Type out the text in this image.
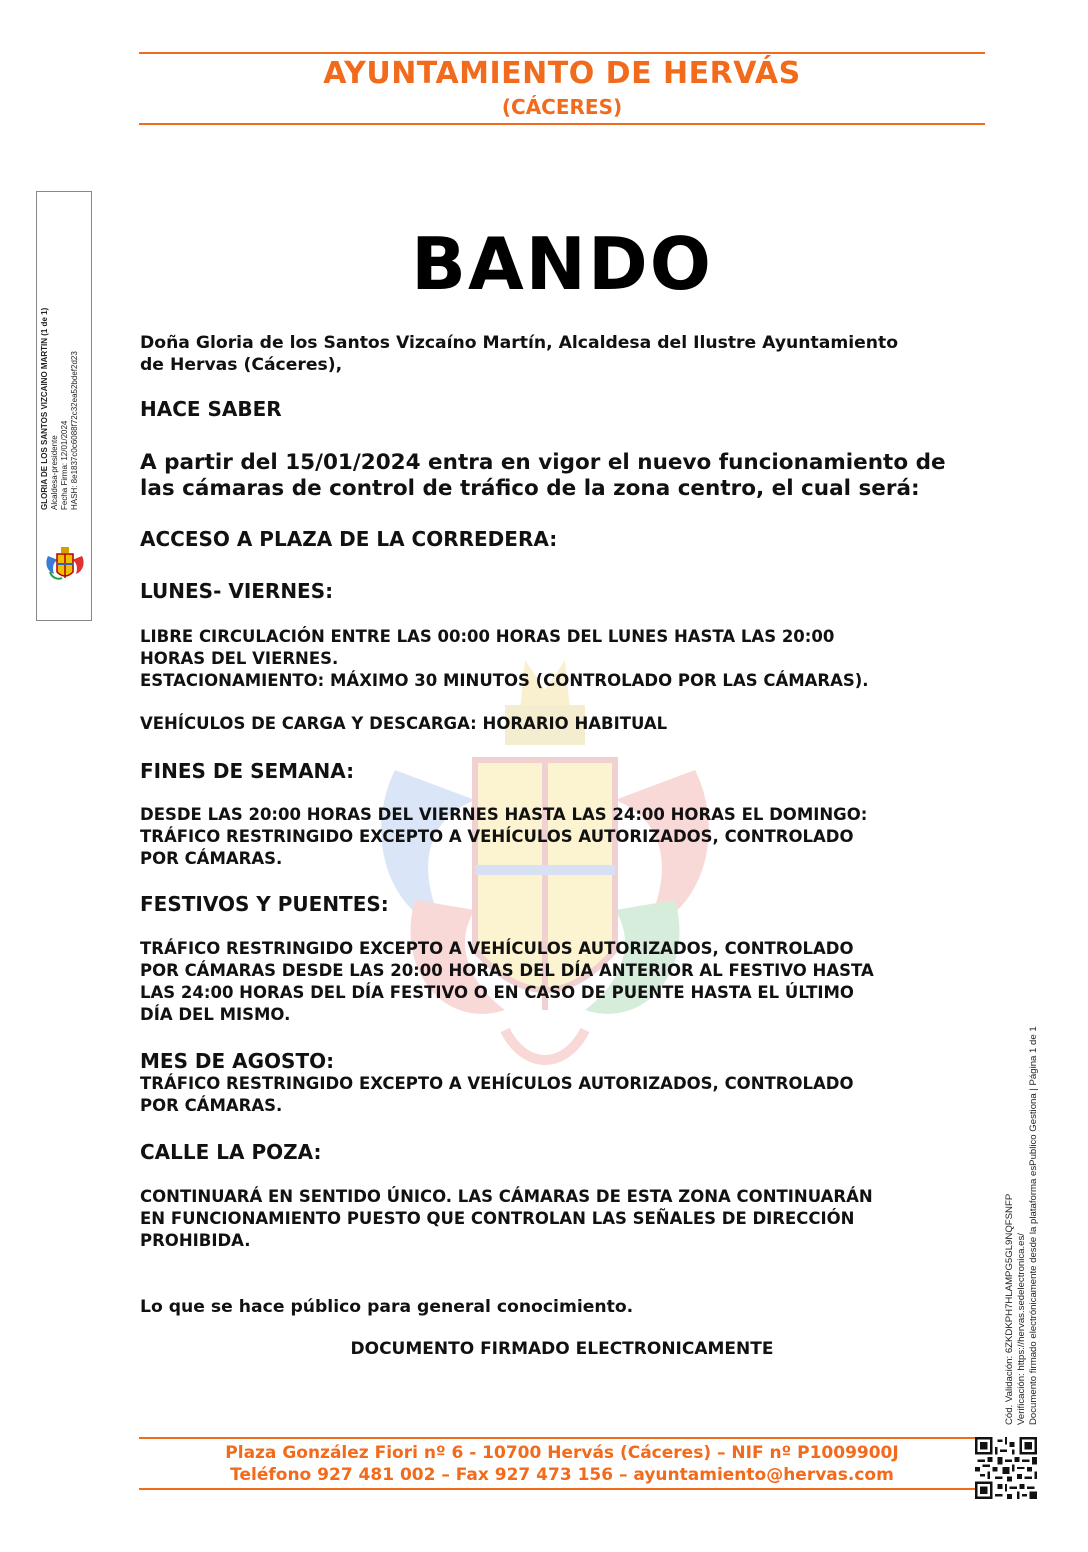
AYUNTAMIENTO DE HERVÁS
(CÁCERES)
BANDO
Doña Gloria de los Santos Vizcaíno Martín, Alcaldesa del Ilustre Ayuntamiento
de Hervas (Cáceres),
HACE SABER
A partir del 15/01/2024 entra en vigor el nuevo funcionamiento de
las cámaras de control de tráfico de la zona centro, el cual será:
ACCESO A PLAZA DE LA CORREDERA:
LUNES- VIERNES:
LIBRE CIRCULACIÓN ENTRE LAS 00:00 HORAS DEL LUNES HASTA LAS 20:00
HORAS DEL VIERNES.
ESTACIONAMIENTO: MÁXIMO 30 MINUTOS (CONTROLADO POR LAS CÁMARAS).
VEHÍCULOS DE CARGA Y DESCARGA: HORARIO HABITUAL
FINES DE SEMANA:
DESDE LAS 20:00 HORAS DEL VIERNES HASTA LAS 24:00 HORAS EL DOMINGO:
TRÁFICO RESTRINGIDO EXCEPTO A VEHÍCULOS AUTORIZADOS, CONTROLADO
POR CÁMARAS.
FESTIVOS Y PUENTES:
TRÁFICO RESTRINGIDO EXCEPTO A VEHÍCULOS AUTORIZADOS, CONTROLADO
POR CÁMARAS DESDE LAS 20:00 HORAS DEL DÍA ANTERIOR AL FESTIVO HASTA
LAS 24:00 HORAS DEL DÍA FESTIVO O EN CASO DE PUENTE HASTA EL ÚLTIMO
DÍA DEL MISMO.
MES DE AGOSTO:
TRÁFICO RESTRINGIDO EXCEPTO A VEHÍCULOS AUTORIZADOS, CONTROLADO
POR CÁMARAS.
CALLE LA POZA:
CONTINUARÁ EN SENTIDO ÚNICO. LAS CÁMARAS DE ESTA ZONA CONTINUARÁN
EN FUNCIONAMIENTO PUESTO QUE CONTROLAN LAS SEÑALES DE DIRECCIÓN
PROHIBIDA.
Lo que se hace público para general conocimiento.
DOCUMENTO FIRMADO ELECTRONICAMENTE
Plaza González Fiori nº 6 - 10700 Hervás (Cáceres) – NIF nº P1009900J
Teléfono 927 481 002 – Fax 927 473 156 – ayuntamiento@hervas.com
GLORIA DE LOS SANTOS VIZCAINO MARTIN (1 de 1) Alcaldesa-presidente Fecha Firma: 12/01/2024 HASH: 8e1837c0c6088f72c32ea52bdef2d23
Cód. Validación: 6ZKDKPH7HLAMPG5GL9NQFSNFP Verificación: https://hervas.sedelectronica.es/ Documento firmado electrónicamente desde la plataforma esPublico Gestiona | Página 1 de 1
